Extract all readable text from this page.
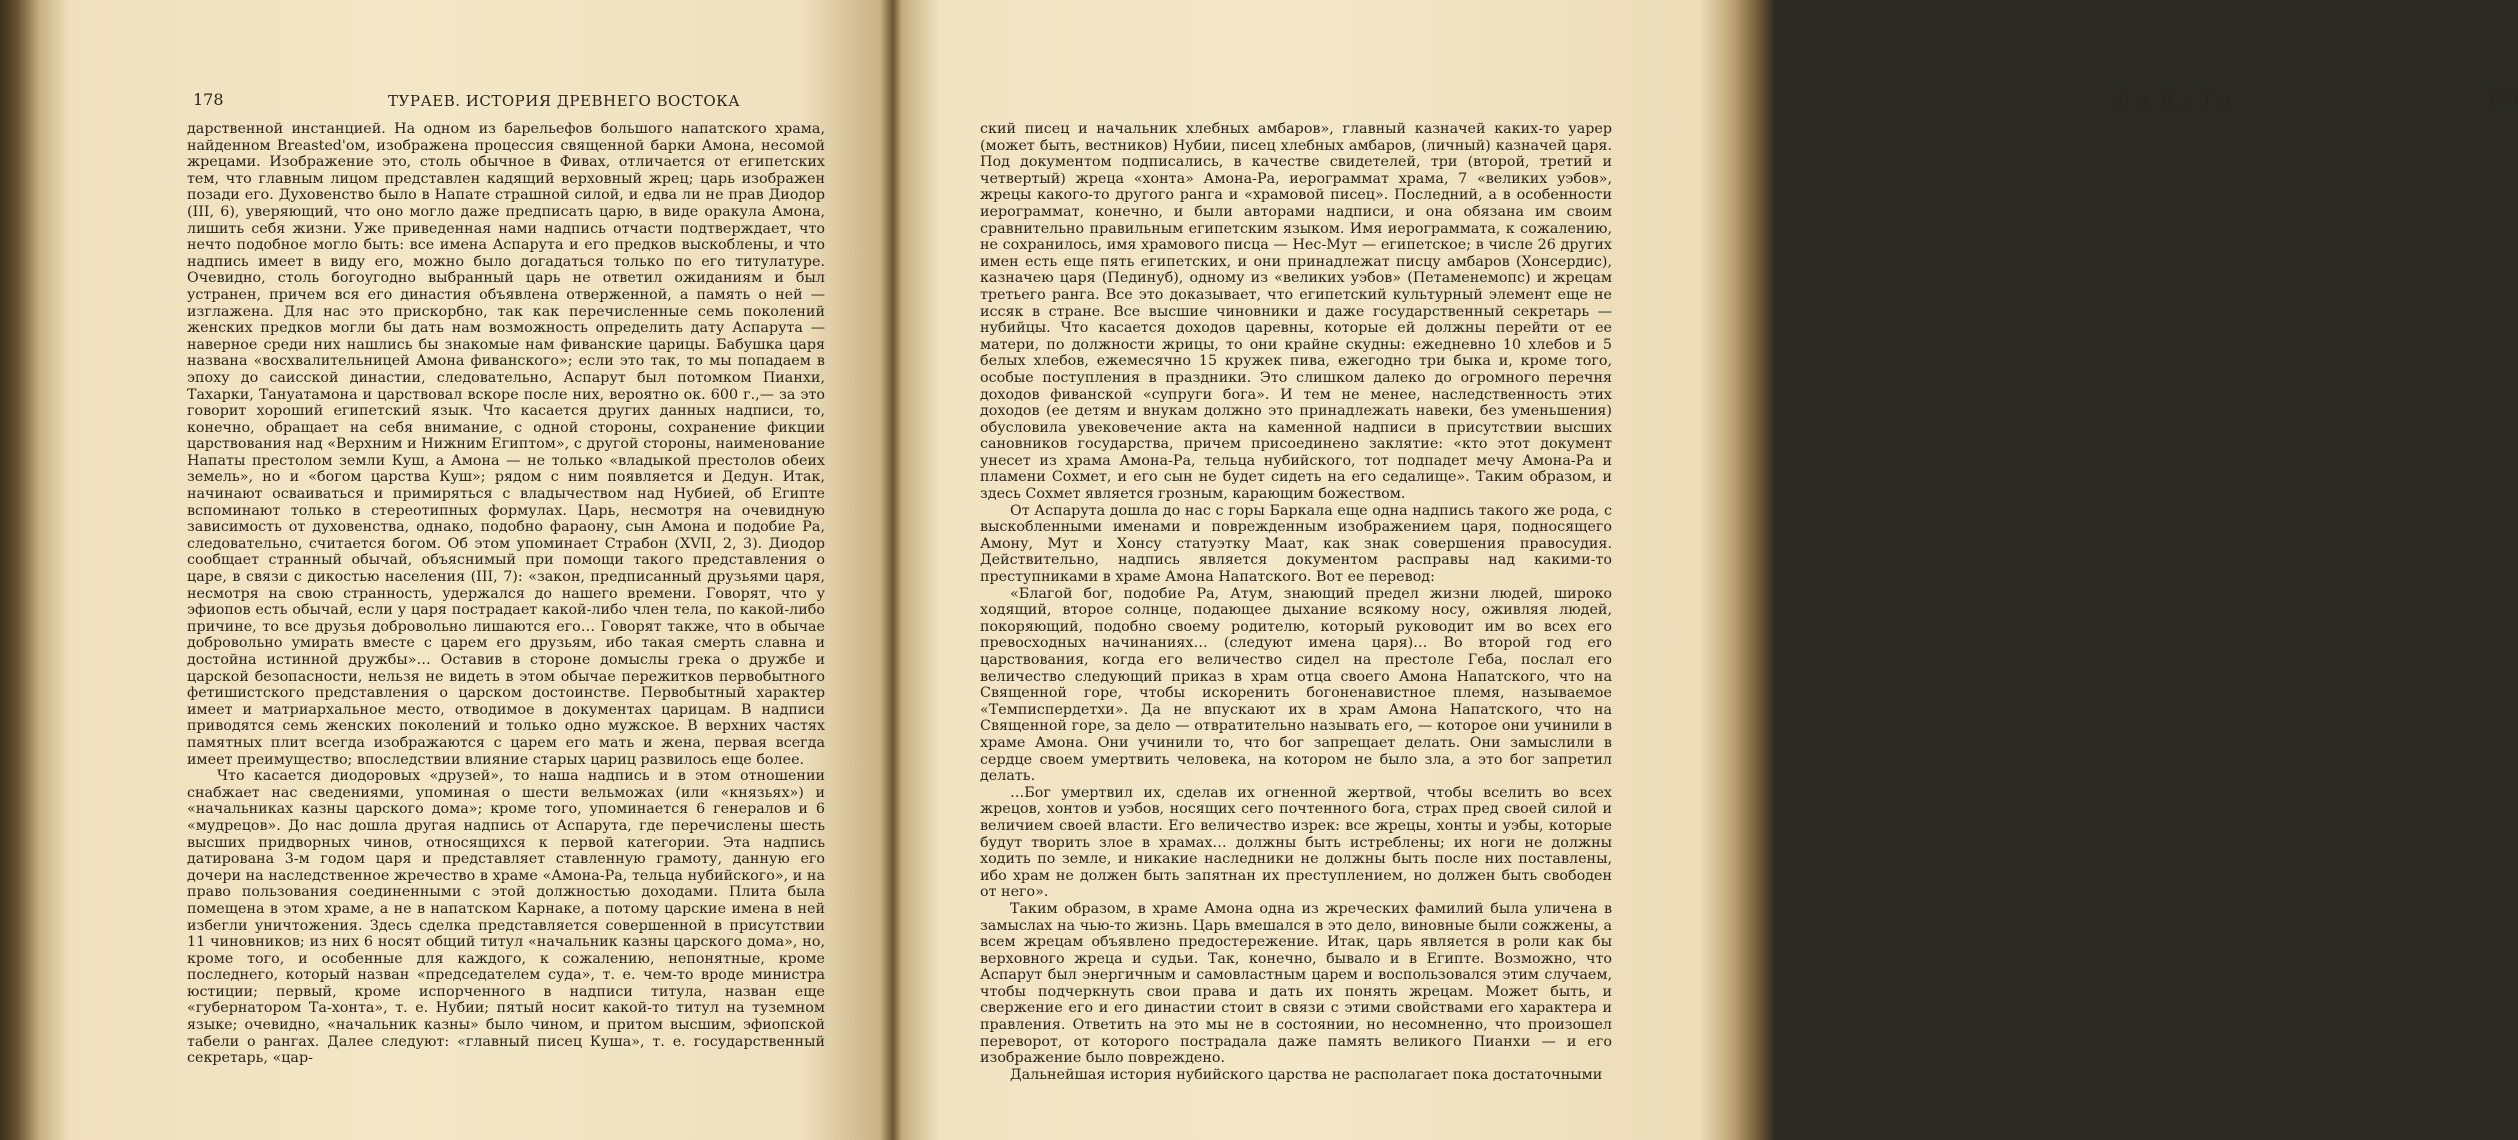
178	ТУРАЕВ. ИСТОРИЯ ДРЕВНЕГО ВОСТОКА

дарственной инстанцией. На одном из барельефов большого напатского храма, найденном Breasted'ом, изображена процессия священной барки Амона, несомой жрецами. Изображение это, столь обычное в Фивах, отличается от египетских тем, что главным лицом представлен кадящий верховный жрец; царь изображен позади его. Духовенство было в Напате страшной силой, и едва ли не прав Диодор (III, 6), уверяющий, что оно могло даже предписать царю, в виде оракула Амона, лишить себя жизни. Уже приведенная нами надпись отчасти подтверждает, что нечто подобное могло быть: все имена Аспарута и его предков выскоблены, и что надпись имеет в виду его, можно было догадаться только по его титулатуре. Очевидно, столь богоугодно выбранный царь не ответил ожиданиям и был устранен, причем вся его династия объявлена отверженной, а память о ней — изглажена. Для нас это прискорбно, так как перечисленные семь поколений женских предков могли бы дать нам возможность определить дату Аспарута — наверное среди них нашлись бы знакомые нам фиванские царицы. Бабушка царя названа «восхвалительницей Амона фиванского»; если это так, то мы попадаем в эпоху до саисской династии, следовательно, Аспарут был потомком Пианхи, Тахарки, Тануатамона и царствовал вскоре после них, вероятно ок. 600 г.,— за это говорит хороший египетский язык. Что касается других данных надписи, то, конечно, обращает на себя внимание, с одной стороны, сохранение фикции царствования над «Верхним и Нижним Египтом», с другой стороны, наименование Напаты престолом земли Куш, а Амона — не только «владыкой престолов обеих земель», но и «богом царства Куш»; рядом с ним появляется и Дедун. Итак, начинают осваиваться и примиряться с владычеством над Нубией, об Египте вспоминают только в стереотипных формулах. Царь, несмотря на очевидную зависимость от духовенства, однако, подобно фараону, сын Амона и подобие Ра, следовательно, считается богом. Об этом упоминает Страбон (XVII, 2, 3). Диодор сообщает странный обычай, объяснимый при помощи такого представления о царе, в связи с дикостью населения (III, 7): «закон, предписанный друзьями царя, несмотря на свою странность, удержался до нашего времени. Говорят, что у эфиопов есть обычай, если у царя пострадает какой-либо член тела, по какой-либо причине, то все друзья добровольно лишаются его… Говорят также, что в обычае добровольно умирать вместе с царем его друзьям, ибо такая смерть славна и достойна истинной дружбы»… Оставив в стороне домыслы грека о дружбе и царской безопасности, нельзя не видеть в этом обычае пережитков первобытного фетишистского представления о царском достоинстве. Первобытный характер имеет и матриархальное место, отводимое в документах царицам. В надписи приводятся семь женских поколений и только одно мужское. В верхних частях памятных плит всегда изображаются с царем его мать и жена, первая всегда имеет преимущество; впоследствии влияние старых цариц развилось еще более.

Что касается диодоровых «друзей», то наша надпись и в этом отношении снабжает нас сведениями, упоминая о шести вельможах (или «князьях») и «начальниках казны царского дома»; кроме того, упоминается 6 генералов и 6 «мудрецов». До нас дошла другая надпись от Аспарута, где перечислены шесть высших придворных чинов, относящихся к первой категории. Эта надпись датирована 3-м годом царя и представляет ставленную грамоту, данную его дочери на наследственное жречество в храме «Амона-Ра, тельца нубийского», и на право пользования соединенными с этой должностью доходами. Плита была помещена в этом храме, а не в напатском Карнаке, а потому царские имена в ней избегли уничтожения. Здесь сделка представляется совершенной в присутствии 11 чиновников; из них 6 носят общий титул «начальник казны царского дома», но, кроме того, и особенные для каждого, к сожалению, непонятные, кроме последнего, который назван «председателем суда», т. е. чем-то вроде министра юстиции; первый, кроме испорченного в надписи титула, назван еще «губернатором Та-хонта», т. е. Нубии; пятый носит какой-то титул на туземном языке; очевидно, «начальник казны» было чином, и притом высшим, эфиопской табели о рангах. Далее следуют: «главный писец Куша», т. е. государственный секретарь, «цар-

НАПАТА	179

ский писец и начальник хлебных амбаров», главный казначей каких-то уарер (может быть, вестников) Нубии, писец хлебных амбаров, (личный) казначей царя. Под документом подписались, в качестве свидетелей, три (второй, третий и четвертый) жреца «хонта» Амона-Ра, иерограммат храма, 7 «великих уэбов», жрецы какого-то другого ранга и «храмовой писец». Последний, а в особенности иерограммат, конечно, и были авторами надписи, и она обязана им своим сравнительно правильным египетским языком. Имя иерограммата, к сожалению, не сохранилось, имя храмового писца — Нес-Мут — египетское; в числе 26 других имен есть еще пять египетских, и они принадлежат писцу амбаров (Хонсердис), казначею царя (Пединуб), одному из «великих уэбов» (Петаменемопс) и жрецам третьего ранга. Все это доказывает, что египетский культурный элемент еще не иссяк в стране. Все высшие чиновники и даже государственный секретарь — нубийцы. Что касается доходов царевны, которые ей должны перейти от ее матери, по должности жрицы, то они крайне скудны: ежедневно 10 хлебов и 5 белых хлебов, ежемесячно 15 кружек пива, ежегодно три быка и, кроме того, особые поступления в праздники. Это слишком далеко до огромного перечня доходов фиванской «супруги бога». И тем не менее, наследственность этих доходов (ее детям и внукам должно это принадлежать навеки, без уменьшения) обусловила увековечение акта на каменной надписи в присутствии высших сановников государства, причем присоединено заклятие: «кто этот документ унесет из храма Амона-Ра, тельца нубийского, тот подпадет мечу Амона-Ра и пламени Сохмет, и его сын не будет сидеть на его седалище». Таким образом, и здесь Сохмет является грозным, карающим божеством.

От Аспарута дошла до нас с горы Баркала еще одна надпись такого же рода, с выскобленными именами и поврежденным изображением царя, подносящего Амону, Мут и Хонсу статуэтку Маат, как знак совершения правосудия. Действительно, надпись является документом расправы над какими-то преступниками в храме Амона Напатского. Вот ее перевод:

«Благой бог, подобие Ра, Атум, знающий предел жизни людей, широко ходящий, второе солнце, подающее дыхание всякому носу, оживляя людей, покоряющий, подобно своему родителю, который руководит им во всех его превосходных начинаниях… (следуют имена царя)… Во второй год его царствования, когда его величество сидел на престоле Геба, послал его величество следующий приказ в храм отца своего Амона Напатского, что на Священной горе, чтобы искоренить богоненавистное племя, называемое «Темписпердетхи». Да не впускают их в храм Амона Напатского, что на Священной горе, за дело — отвратительно называть его, — которое они учинили в храме Амона. Они учинили то, что бог запрещает делать. Они замыслили в сердце своем умертвить человека, на котором не было зла, а это бог запретил делать.

…Бог умертвил их, сделав их огненной жертвой, чтобы вселить во всех жрецов, хонтов и уэбов, носящих сего почтенного бога, страх пред своей силой и величием своей власти. Его величество изрек: все жрецы, хонты и уэбы, которые будут творить злое в храмах… должны быть истреблены; их ноги не должны ходить по земле, и никакие наследники не должны быть после них поставлены, ибо храм не должен быть запятнан их преступлением, но должен быть свободен от него».

Таким образом, в храме Амона одна из жреческих фамилий была уличена в замыслах на чью-то жизнь. Царь вмешался в это дело, виновные были сожжены, а всем жрецам объявлено предостережение. Итак, царь является в роли как бы верховного жреца и судьи. Так, конечно, бывало и в Египте. Возможно, что Аспарут был энергичным и самовластным царем и воспользовался этим случаем, чтобы подчеркнуть свои права и дать их понять жрецам. Может быть, и свержение его и его династии стоит в связи с этими свойствами его характера и правления. Ответить на это мы не в состоянии, но несомненно, что произошел переворот, от которого пострадала даже память великого Пианхи — и его изображение было повреждено.

Дальнейшая история нубийского царства не располагает пока достаточными
